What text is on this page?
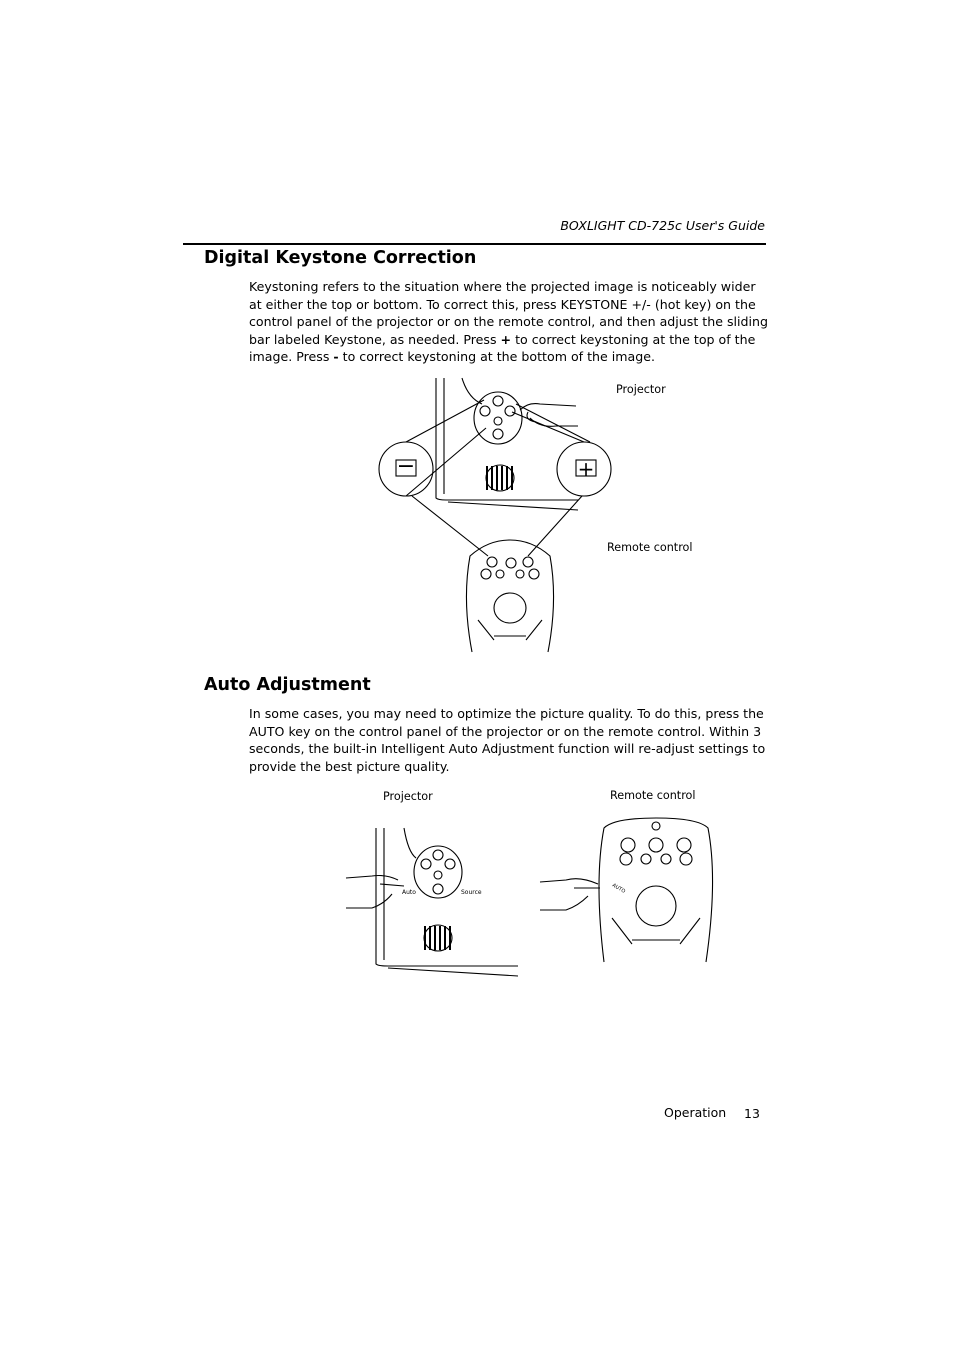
BOXLIGHT CD-725c User's Guide
Digital Keystone Correction
Keystoning refers to the situation where the projected image is noticeably wider at either the top or bottom. To correct this, press KEYSTONE +/- (hot key) on the control panel of the projector or on the remote control, and then adjust the sliding bar labeled Keystone, as needed. Press + to correct keystoning at the top of the image. Press - to correct keystoning at the bottom of the image.
Projector
Remote control
−	+
Auto Adjustment
In some cases, you may need to optimize the picture quality. To do this, press the AUTO key on the control panel of the projector or on the remote control. Within 3 seconds, the built-in Intelligent Auto Adjustment function will re-adjust settings to provide the best picture quality.
Projector	Remote control
Auto	Source	AUTO
Operation 13
